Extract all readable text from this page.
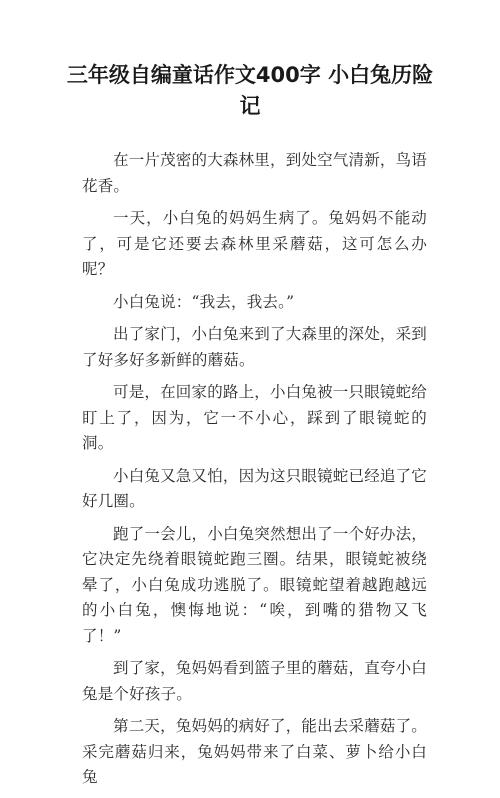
三年级自编童话作文400字 小白兔历险记

在一片茂密的大森林里，到处空气清新，鸟语花香。

一天，小白兔的妈妈生病了。兔妈妈不能动了，可是它还要去森林里采蘑菇，这可怎么办呢？

小白兔说：“我去，我去。”

出了家门，小白兔来到了大森里的深处，采到了好多好多新鲜的蘑菇。

可是，在回家的路上，小白兔被一只眼镜蛇给盯上了，因为，它一不小心，踩到了眼镜蛇的洞。

小白兔又急又怕，因为这只眼镜蛇已经追了它好几圈。

跑了一会儿，小白兔突然想出了一个好办法，它决定先绕着眼镜蛇跑三圈。结果，眼镜蛇被绕晕了，小白兔成功逃脱了。眼镜蛇望着越跑越远的小白兔，懊悔地说：“唉，到嘴的猎物又飞了！”

到了家，兔妈妈看到篮子里的蘑菇，直夸小白兔是个好孩子。

第二天，兔妈妈的病好了，能出去采蘑菇了。采完蘑菇归来，兔妈妈带来了白菜、萝卜给小白兔
